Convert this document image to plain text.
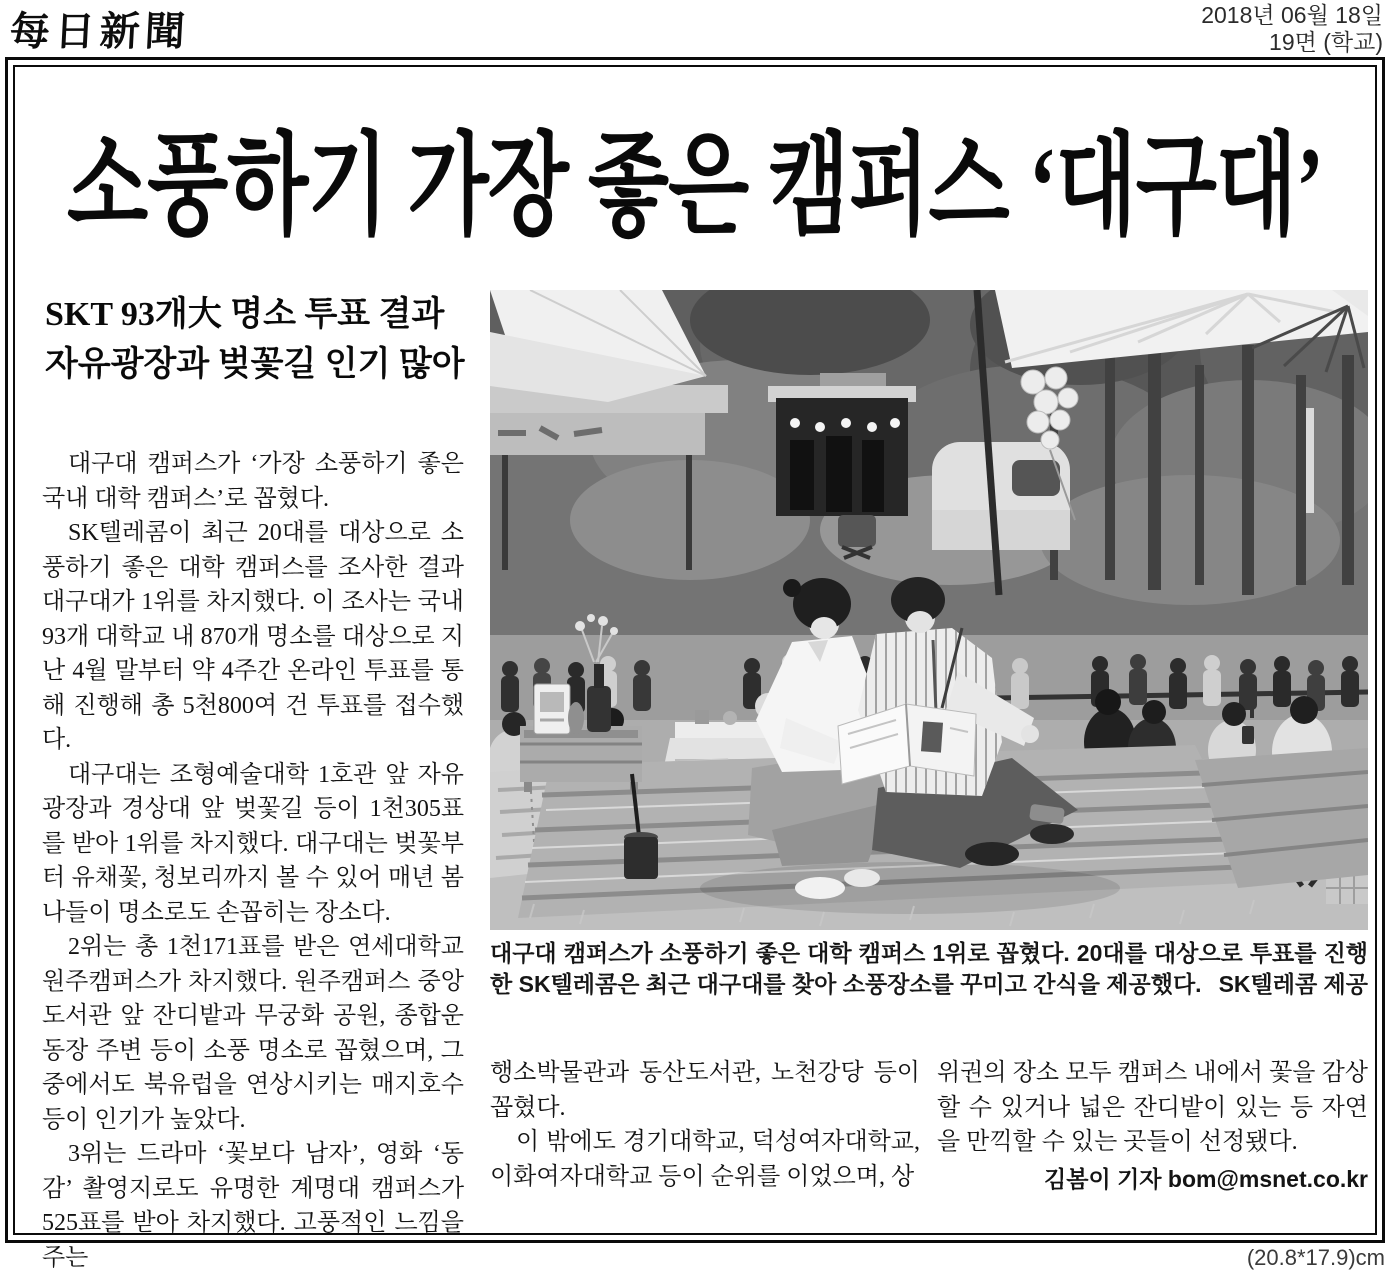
每日新聞	2018년 06월 18일
19면 (학교)
소풍하기 가장 좋은 캠퍼스 ‘대구대’
SKT 93개大 명소 투표 결과
자유광장과 벚꽃길 인기 많아

대구대 캠퍼스가 ‘가장 소풍하기 좋은 국내 대학 캠퍼스’로 꼽혔다.

SK텔레콤이 최근 20대를 대상으로 소풍하기 좋은 대학 캠퍼스를 조사한 결과 대구대가 1위를 차지했다. 이 조사는 국내 93개 대학교 내 870개 명소를 대상으로 지난 4월 말부터 약 4주간 온라인 투표를 통해 진행해 총 5천800여 건 투표를 접수했다.

대구대는 조형예술대학 1호관 앞 자유광장과 경상대 앞 벚꽃길 등이 1천305표를 받아 1위를 차지했다. 대구대는 벚꽃부터 유채꽃, 청보리까지 볼 수 있어 매년 봄 나들이 명소로도 손꼽히는 장소다.

2위는 총 1천171표를 받은 연세대학교 원주캠퍼스가 차지했다. 원주캠퍼스 중앙도서관 앞 잔디밭과 무궁화 공원, 종합운동장 주변 등이 소풍 명소로 꼽혔으며, 그중에서도 북유럽을 연상시키는 매지호수 등이 인기가 높았다.

3위는 드라마 ‘꽃보다 남자’, 영화 ‘동감’ 촬영지로도 유명한 계명대 캠퍼스가 525표를 받아 차지했다. 고풍적인 느낌을 주는

대구대 캠퍼스가 소풍하기 좋은 대학 캠퍼스 1위로 꼽혔다. 20대를 대상으로 투표를 진행한 SK텔레콤은 최근 대구대를 찾아 소풍장소를 꾸미고 간식을 제공했다. SK텔레콤 제공

행소박물관과 동산도서관, 노천강당 등이 꼽혔다.

이 밖에도 경기대학교, 덕성여자대학교, 이화여자대학교 등이 순위를 이었으며, 상

위권의 장소 모두 캠퍼스 내에서 꽃을 감상할 수 있거나 넓은 잔디밭이 있는 등 자연을 만끽할 수 있는 곳들이 선정됐다.

김봄이 기자 bom@msnet.co.kr
(20.8*17.9)cm
